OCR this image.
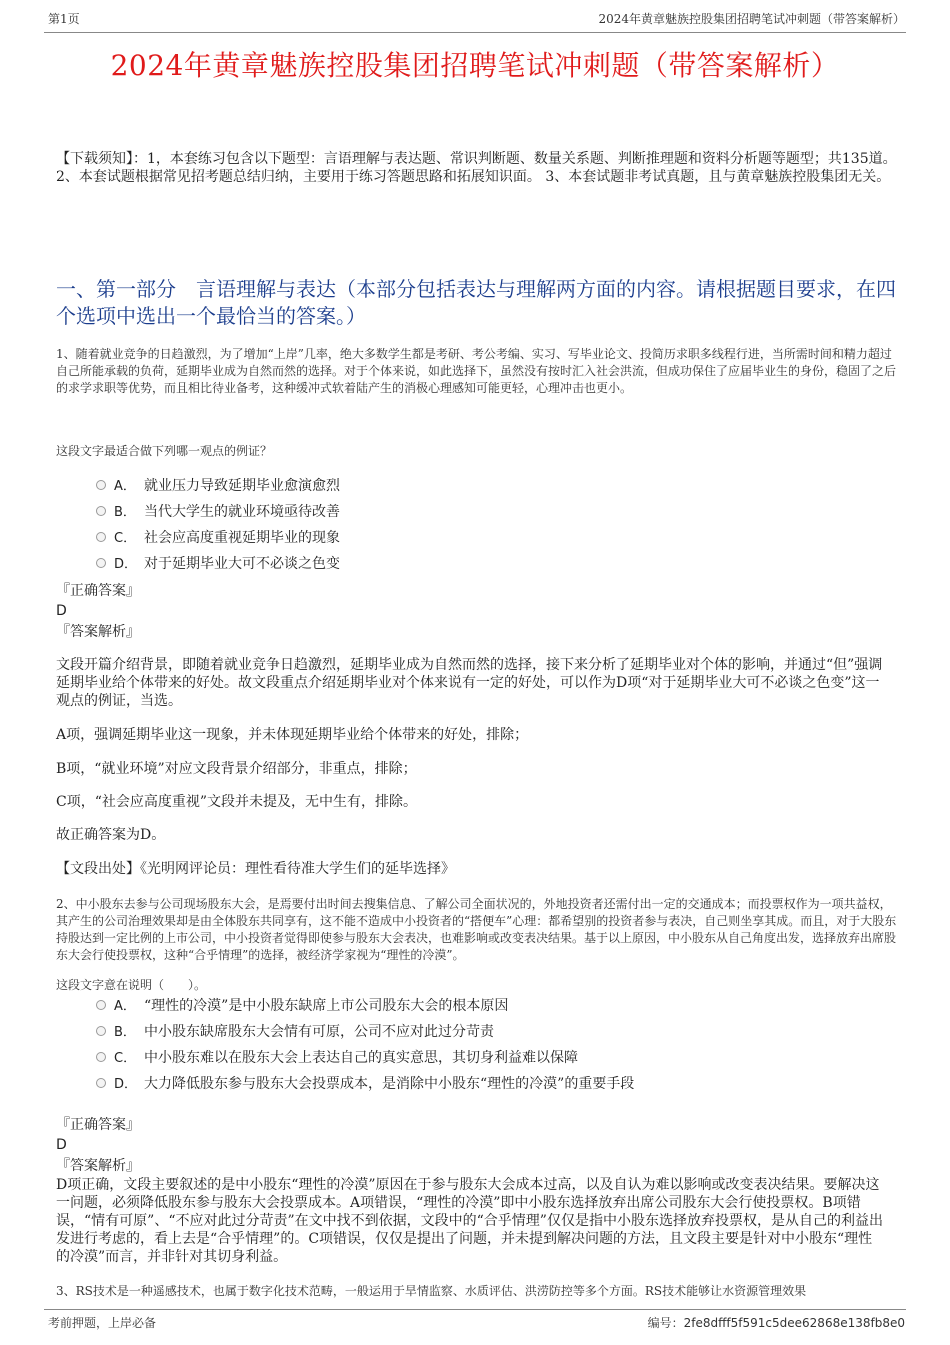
第1页	2024年黄章魅族控股集团招聘笔试冲刺题（带答案解析）
2024年黄章魅族控股集团招聘笔试冲刺题（带答案解析）
【下载须知】：1，本套练习包含以下题型：言语理解与表达题、常识判断题、数量关系题、判断推理题和资料分析题等题型；共135道。 2、本套试题根据常见招考题总结归纳，主要用于练习答题思路和拓展知识面。 3、本套试题非考试真题，且与黄章魅族控股集团无关。
一、第一部分　言语理解与表达（本部分包括表达与理解两方面的内容。请根据题目要求，在四个选项中选出一个最恰当的答案。）
1、随着就业竞争的日趋激烈，为了增加“上岸”几率，绝大多数学生都是考研、考公考编、实习、写毕业论文、投简历求职多线程行进，当所需时间和精力超过自己所能承载的负荷，延期毕业成为自然而然的选择。对于个体来说，如此选择下，虽然没有按时汇入社会洪流，但成功保住了应届毕业生的身份，稳固了之后的求学求职等优势，而且相比待业备考，这种缓冲式软着陆产生的消极心理感知可能更轻，心理冲击也更小。
这段文字最适合做下列哪一观点的例证？
A． 就业压力导致延期毕业愈演愈烈
B． 当代大学生的就业环境亟待改善
C． 社会应高度重视延期毕业的现象
D． 对于延期毕业大可不必谈之色变
『正确答案』
D
『答案解析』
文段开篇介绍背景，即随着就业竞争日趋激烈，延期毕业成为自然而然的选择，接下来分析了延期毕业对个体的影响，并通过“但”强调延期毕业给个体带来的好处。故文段重点介绍延期毕业对个体来说有一定的好处，可以作为D项“对于延期毕业大可不必谈之色变”这一观点的例证，当选。
A项，强调延期毕业这一现象，并未体现延期毕业给个体带来的好处，排除；
B项，“就业环境”对应文段背景介绍部分，非重点，排除；
C项，“社会应高度重视”文段并未提及，无中生有，排除。
故正确答案为D。
【文段出处】《光明网评论员：理性看待准大学生们的延毕选择》
2、中小股东去参与公司现场股东大会，是焉要付出时间去搜集信息、了解公司全面状况的，外地投资者还需付出一定的交通成本；而投票权作为一项共益权，其产生的公司治理效果却是由全体股东共同享有，这不能不造成中小投资者的“搭便车”心理：都希望别的投资者参与表决，自己则坐享其成。而且，对于大股东持股达到一定比例的上市公司，中小投资者觉得即使参与股东大会表决，也难影响或改变表决结果。基于以上原因，中小股东从自己角度出发，选择放弃出席股东大会行使投票权，这种“合乎情理”的选择，被经济学家视为“理性的冷漠”。
这段文字意在说明（　　）。
A． “理性的冷漠”是中小股东缺席上市公司股东大会的根本原因
B． 中小股东缺席股东大会情有可原，公司不应对此过分苛责
C． 中小股东难以在股东大会上表达自己的真实意思，其切身利益难以保障
D． 大力降低股东参与股东大会投票成本，是消除中小股东“理性的冷漠”的重要手段
『正确答案』
D
『答案解析』
D项正确，文段主要叙述的是中小股东“理性的冷漠”原因在于参与股东大会成本过高，以及自认为难以影响或改变表决结果。要解决这一问题，必须降低股东参与股东大会投票成本。A项错误，“理性的冷漠”即中小股东选择放弃出席公司股东大会行使投票权。B项错误，“情有可原”、“不应对此过分苛责”在文中找不到依据，文段中的“合乎情理”仅仅是指中小股东选择放弃投票权，是从自己的利益出发进行考虑的，看上去是“合乎情理”的。C项错误，仅仅是提出了问题，并未提到解决问题的方法，且文段主要是针对中小股东“理性的冷漠”而言，并非针对其切身利益。
3、RS技术是一种遥感技术，也属于数字化技术范畴，一般运用于旱情监察、水质评估、洪涝防控等多个方面。RS技术能够让水资源管理效果
考前押题，上岸必备	编号：2fe8dfff5f591c5dee62868e138fb8e0
